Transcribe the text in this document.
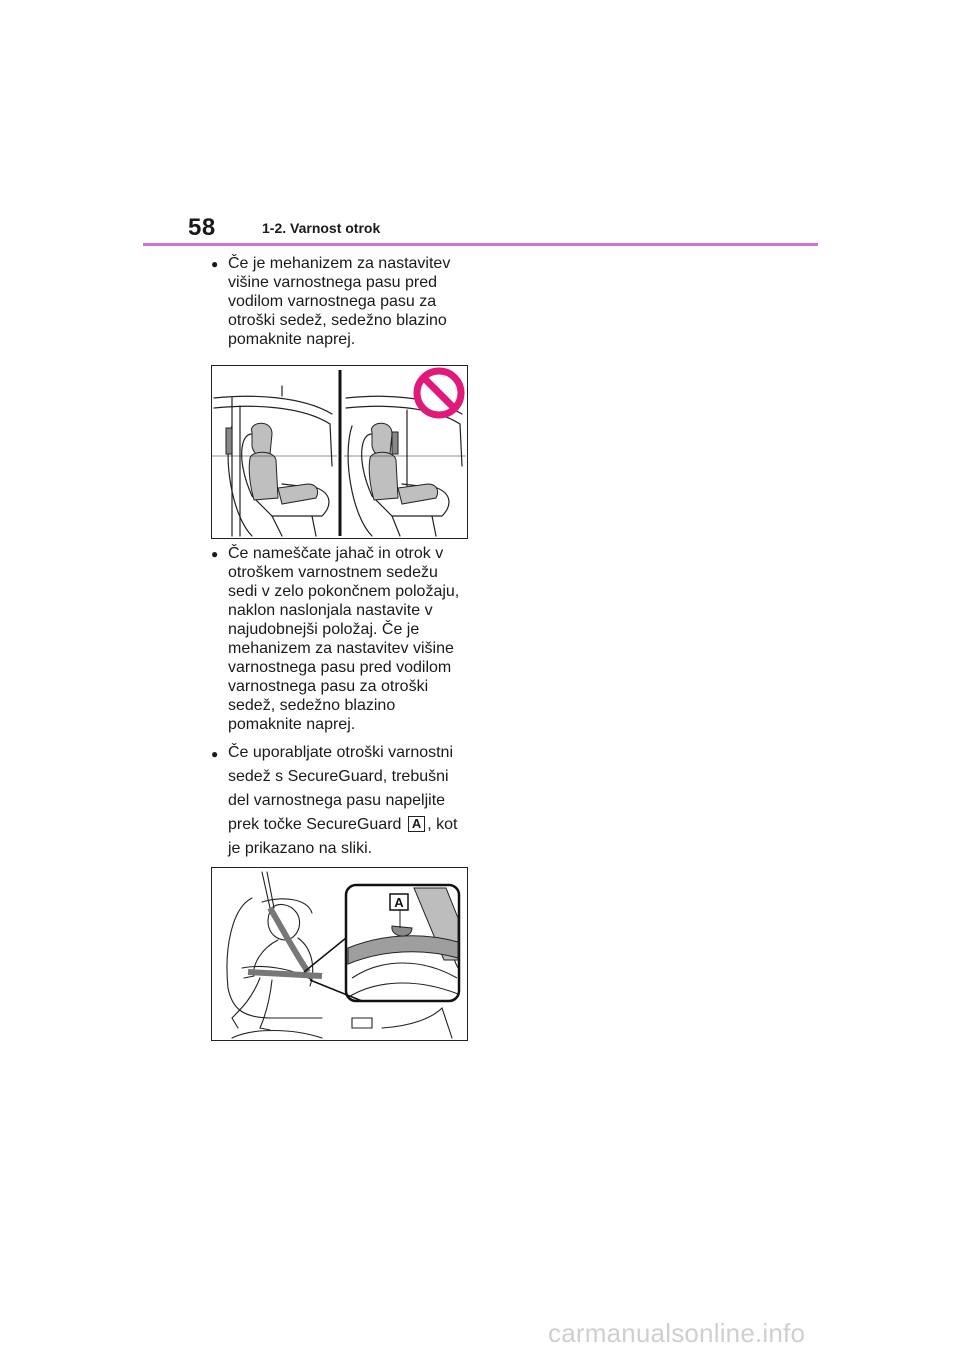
58	1-2. Varnost otrok
● Če je mehanizem za nastavitev
višine varnostnega pasu pred
vodilom varnostnega pasu za
otroški sedež, sedežno blazino
pomaknite naprej.
● Če nameščate jahač in otrok v
otroškem varnostnem sedežu
sedi v zelo pokončnem položaju,
naklon naslonjala nastavite v
najudobnejši položaj. Če je
mehanizem za nastavitev višine
varnostnega pasu pred vodilom
varnostnega pasu za otroški
sedež, sedežno blazino
pomaknite naprej.
● Če uporabljate otroški varnostni
sedež s SecureGuard, trebušni
del varnostnega pasu napeljite
prek točke SecureGuard A , kot
je prikazano na sliki.
A
carmanualsonline.info
